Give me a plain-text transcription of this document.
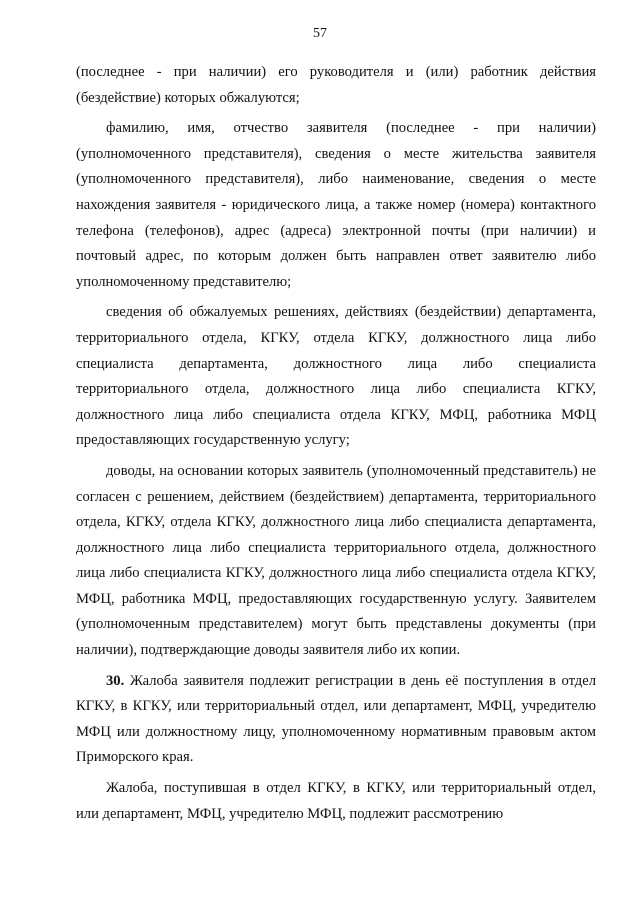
57

(последнее - при наличии) его руководителя и (или) работник действия (бездействие) которых обжалуются;

фамилию, имя, отчество заявителя (последнее - при наличии) (уполномоченного представителя), сведения о месте жительства заявителя (уполномоченного представителя), либо наименование, сведения о месте нахождения заявителя - юридического лица, а также номер (номера) контактного телефона (телефонов), адрес (адреса) электронной почты (при наличии) и почтовый адрес, по которым должен быть направлен ответ заявителю либо уполномоченному представителю;

сведения об обжалуемых решениях, действиях (бездействии) департамента, территориального отдела, КГКУ, отдела КГКУ, должностного лица либо специалиста департамента, должностного лица либо специалиста территориального отдела, должностного лица либо специалиста КГКУ, должностного лица либо специалиста отдела КГКУ, МФЦ, работника МФЦ предоставляющих государственную услугу;

доводы, на основании которых заявитель (уполномоченный представитель) не согласен с решением, действием (бездействием) департамента, территориального отдела, КГКУ, отдела КГКУ, должностного лица либо специалиста департамента, должностного лица либо специалиста территориального отдела, должностного лица либо специалиста КГКУ, должностного лица либо специалиста отдела КГКУ, МФЦ, работника МФЦ, предоставляющих государственную услугу. Заявителем (уполномоченным представителем) могут быть представлены документы (при наличии), подтверждающие доводы заявителя либо их копии.

30. Жалоба заявителя подлежит регистрации в день её поступления в отдел КГКУ, в КГКУ, или территориальный отдел, или департамент, МФЦ, учредителю МФЦ или должностному лицу, уполномоченному нормативным правовым актом Приморского края.

Жалоба, поступившая в отдел КГКУ, в КГКУ, или территориальный отдел, или департамент, МФЦ, учредителю МФЦ, подлежит рассмотрению
